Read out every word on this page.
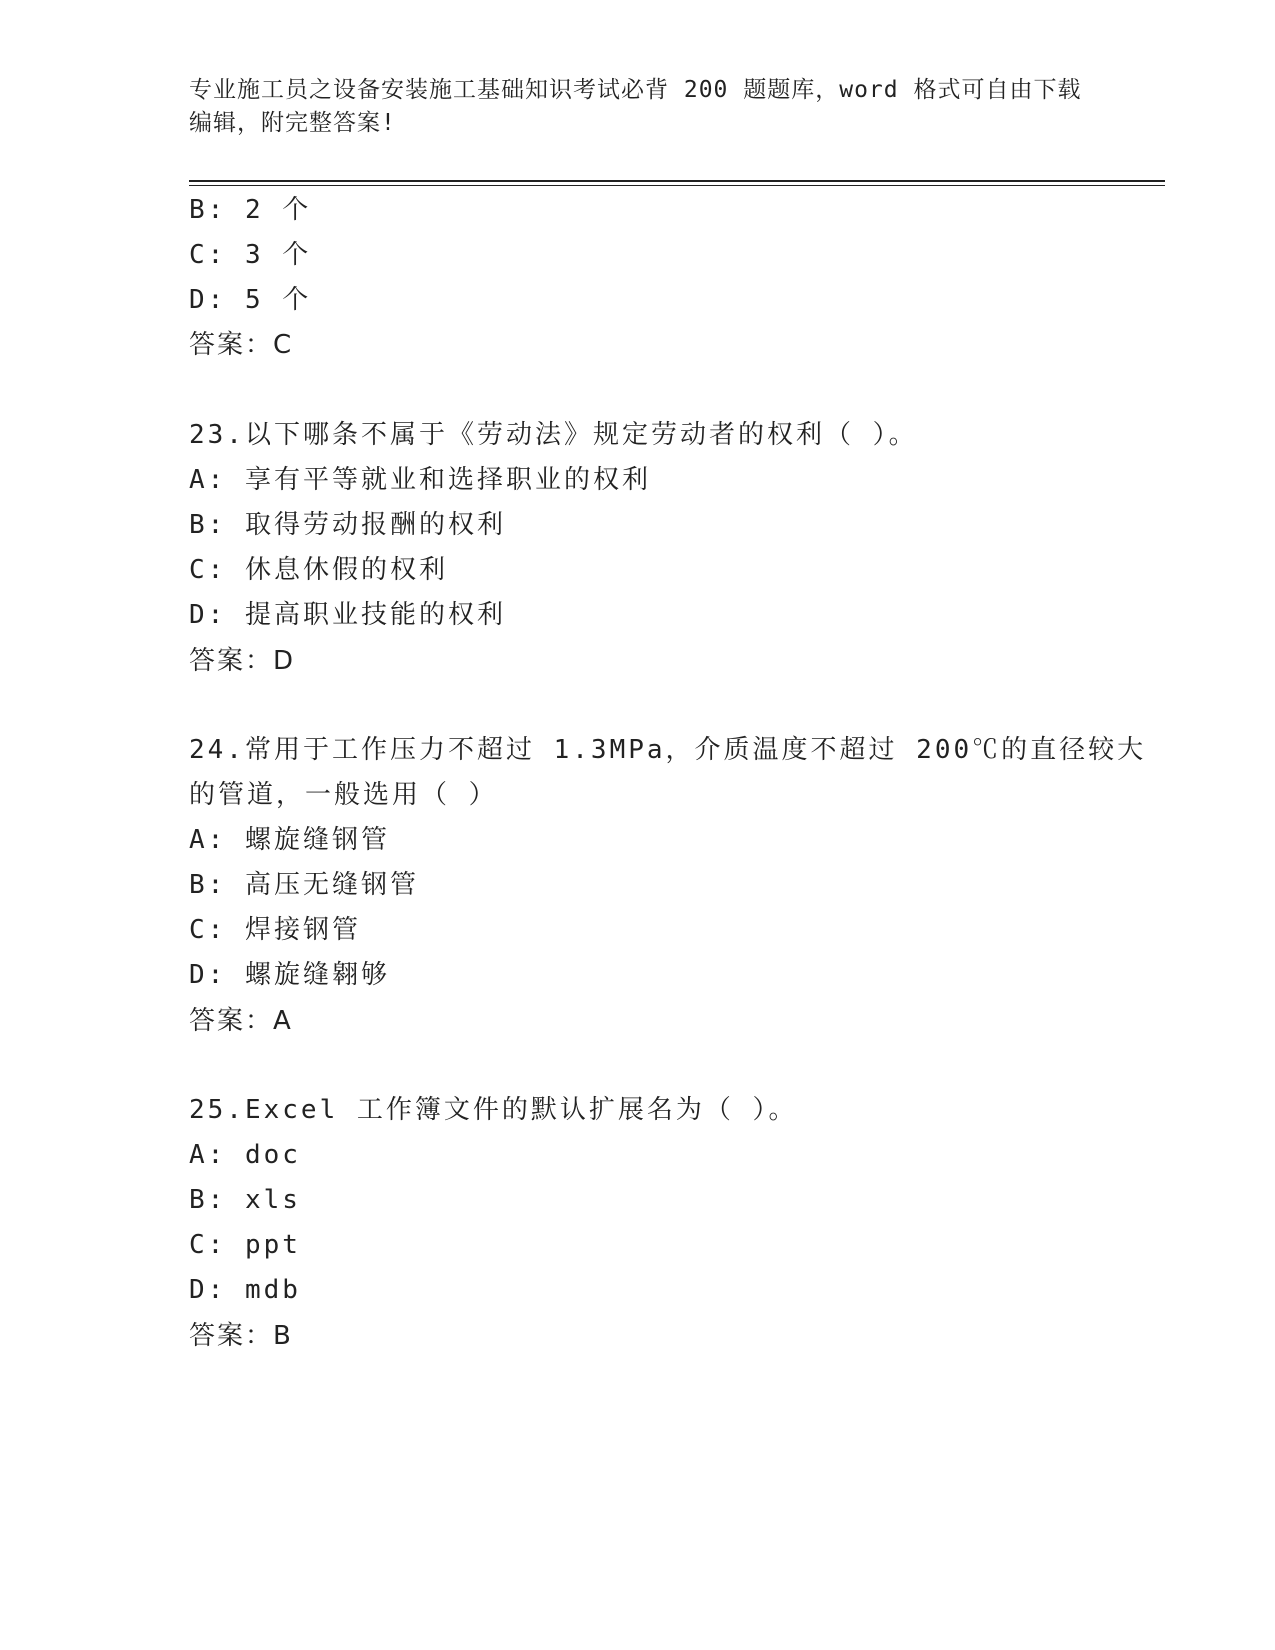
专业施工员之设备安装施工基础知识考试必背 200 题题库，word 格式可自由下载
编辑，附完整答案!
B: 2 个
C: 3 个
D: 5 个
答案：C
23.以下哪条不属于《劳动法》规定劳动者的权利（ ）。
A: 享有平等就业和选择职业的权利
B: 取得劳动报酬的权利
C: 休息休假的权利
D: 提高职业技能的权利
答案：D
24.常用于工作压力不超过 1.3MPa，介质温度不超过 200℃的直径较大
的管道，一般选用（ ）
A: 螺旋缝钢管
B: 高压无缝钢管
C: 焊接钢管
D: 螺旋缝翱够
答案：A
25.Excel 工作簿文件的默认扩展名为（ ）。
A: doc
B: xls
C: ppt
D: mdb
答案：B
